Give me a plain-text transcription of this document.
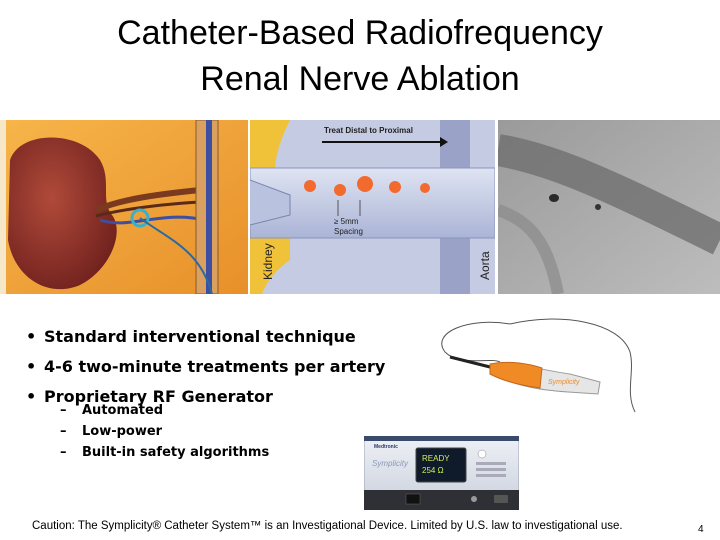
Catheter-Based Radiofrequency
Renal Nerve Ablation
Treat Distal to Proximal
≥ 5mm
Spacing
Kidney	Aorta
• Standard interventional technique
• 4-6 two-minute treatments per artery
• Proprietary RF Generator
– Automated
– Low-power
– Built-in safety algorithms
Symplicity
Medtronic
Symplicity
READY
254 Ω
Caution: The Symplicity® Catheter System™ is an Investigational Device. Limited by U.S. law to investigational use.	4
